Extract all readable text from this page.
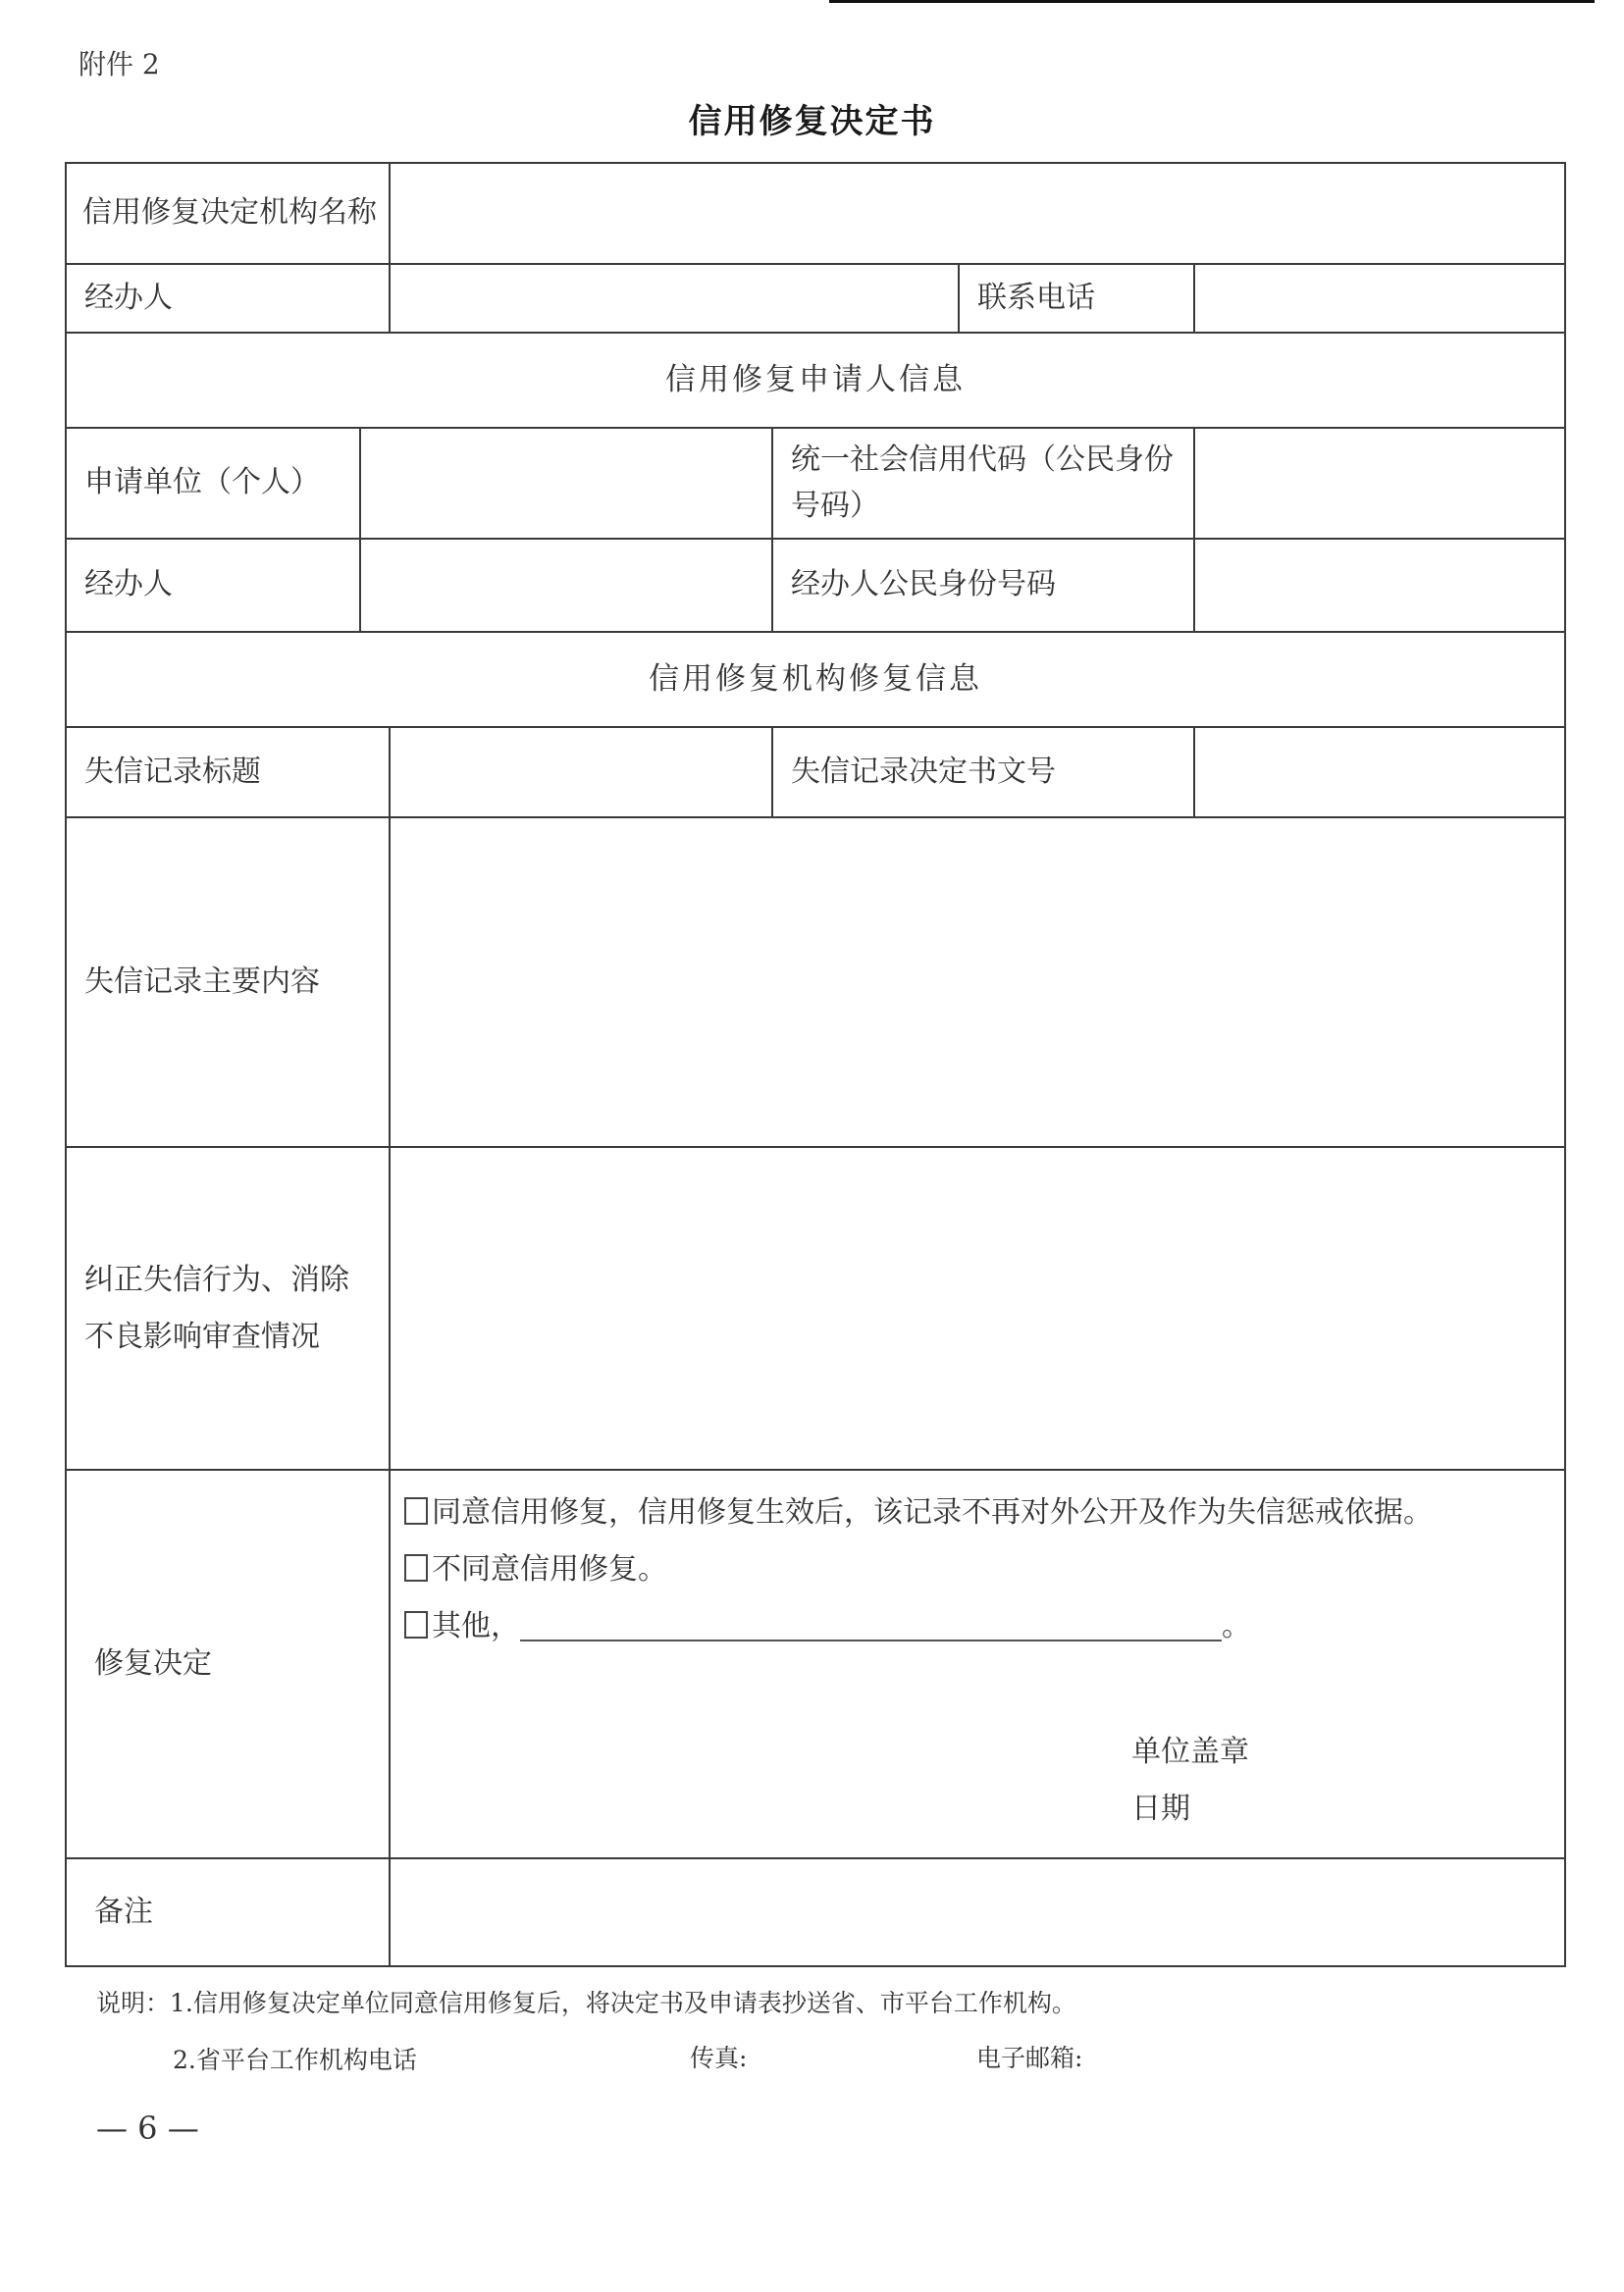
附件 2
信用修复决定书
信用修复决定机构名称					
经办人				联系电话	
信用修复申请人信息					
申请单位（个人）			统一社会信用代码（公民身份号码）		
经办人			经办人公民身份号码		
信用修复机构修复信息					
失信记录标题			失信记录决定书文号		
失信记录主要内容					
纠正失信行为、消除不良影响审查情况					
修复决定		同意信用修复，信用修复生效后，该记录不再对外公开及作为失信惩戒依据。
不同意信用修复。
其他， 。
单位盖章
日期			

备注					
说明：1.信用修复决定单位同意信用修复后，将决定书及申请表抄送省、市平台工作机构。
2.省平台工作机构电话	传真:	电子邮箱:
— 6 —
